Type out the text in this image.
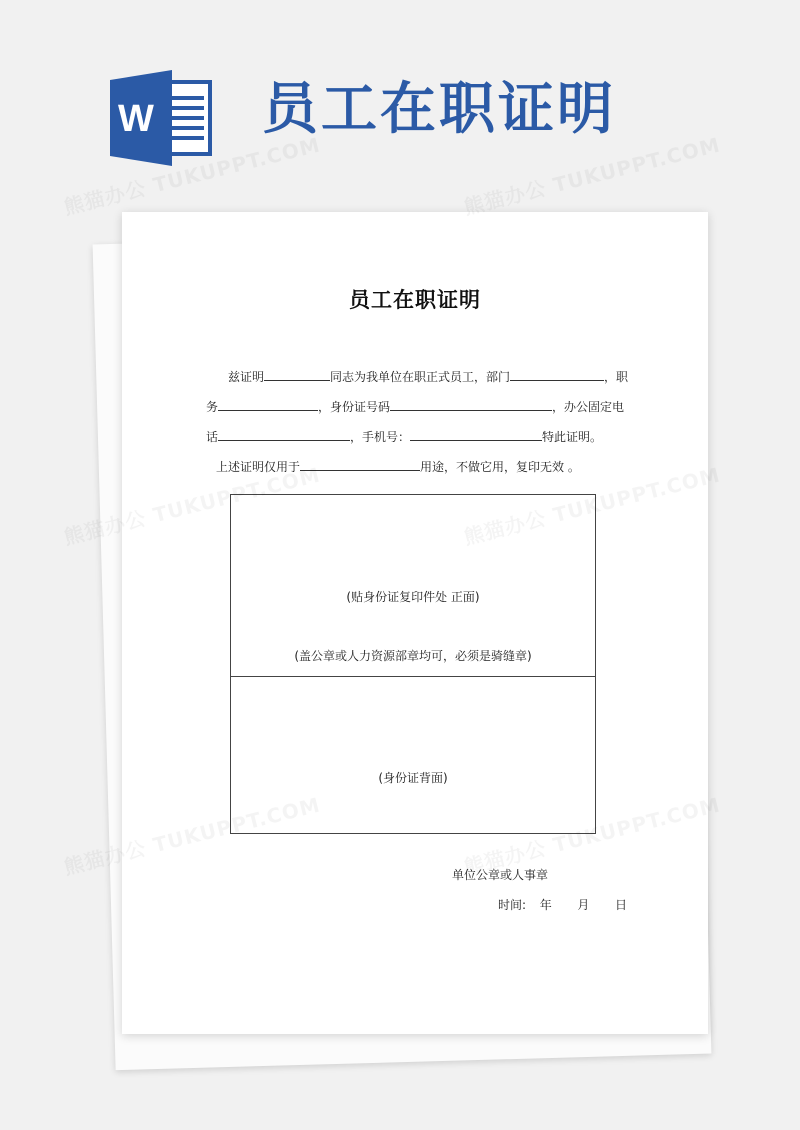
W 员工在职证明
员工在职证明
兹证明	同志为我单位在职正式员工，部门	，职
务	，身份证号码	，办公固定电
话	，手机号：	特此证明。
上述证明仅用于	用途，不做它用，复印无效 。
(贴身份证复印件处 正面)
(盖公章或人力资源部章均可，必须是骑缝章)
(身份证背面)
单位公章或人事章
时间: 年 月 日
